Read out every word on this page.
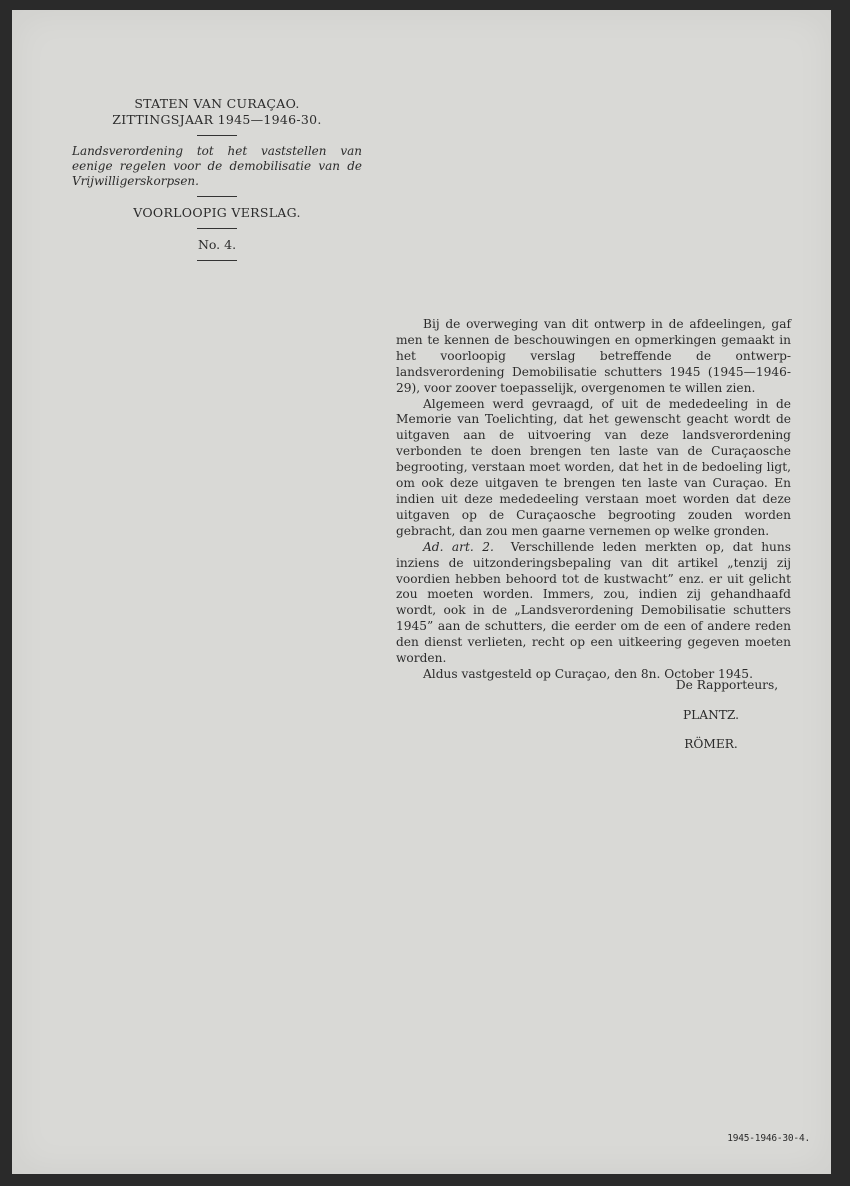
STATEN VAN CURAÇAO.
ZITTINGSJAAR 1945—1946-30.
Landsverordening tot het vaststellen van eenige regelen voor de demobilisatie van de Vrijwilligerskorpsen.
VOORLOOPIG VERSLAG.
No. 4.

Bij de overweging van dit ontwerp in de afdeelingen, gaf men te kennen de beschouwingen en opmerkingen gemaakt in het voorloopig verslag betreffende de ontwerp-landsverordening Demobilisatie schutters 1945 (1945—1946-29), voor zoover toepasselijk, overgenomen te willen zien.

Algemeen werd gevraagd, of uit de mededeeling in de Memorie van Toelichting, dat het gewenscht geacht wordt de uitgaven aan de uitvoering van deze landsverordening verbonden te doen brengen ten laste van de Curaçaosche begrooting, verstaan moet worden, dat het in de bedoeling ligt, om ook deze uitgaven te brengen ten laste van Curaçao. En indien uit deze mededeeling verstaan moet worden dat deze uitgaven op de Curaçaosche begrooting zouden worden gebracht, dan zou men gaarne vernemen op welke gronden.

Ad. art. 2. Verschillende leden merkten op, dat huns inziens de uitzonderingsbepaling van dit artikel „tenzij zij voordien hebben behoord tot de kustwacht” enz. er uit gelicht zou moeten worden. Immers, zou, indien zij gehandhaafd wordt, ook in de „Landsverordening Demobilisatie schutters 1945” aan de schutters, die eerder om de een of andere reden den dienst verlieten, recht op een uitkeering gegeven moeten worden.

Aldus vastgesteld op Curaçao, den 8n. October 1945.

De Rapporteurs,
PLANTZ.
RÖMER.
1945-1946-30-4.
